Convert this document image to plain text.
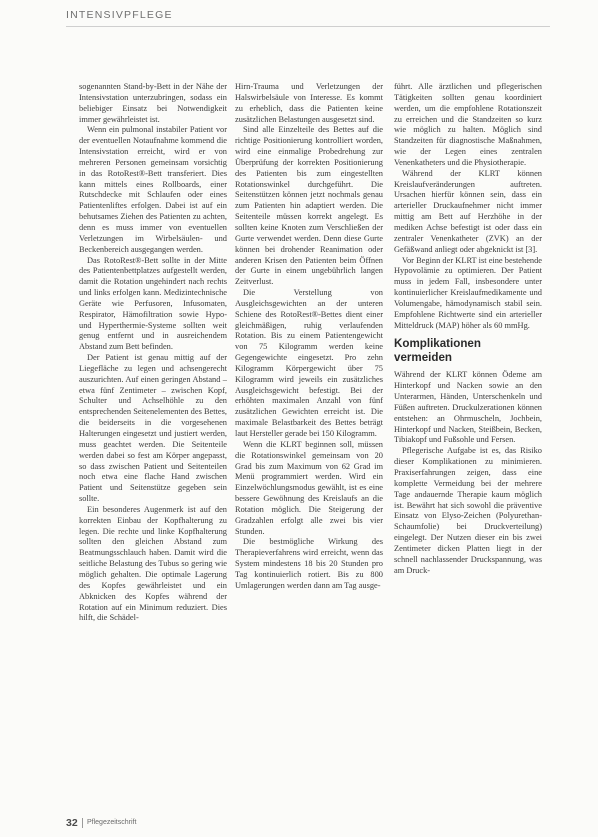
INTENSIVPFLEGE

sogenannten Stand-by-Bett in der Nähe der Intensivstation unterzubringen, sodass ein beliebiger Einsatz bei Notwendigkeit immer gewährleistet ist.

Wenn ein pulmonal instabiler Patient vor der eventuellen Notaufnahme kommend die Intensivstation erreicht, wird er von mehreren Personen gemeinsam vorsichtig in das RotoRest®-Bett transferiert. Dies kann mittels eines Rollboards, einer Rutschdecke mit Schlaufen oder eines Patientenliftes erfolgen. Dabei ist auf ein behutsames Ziehen des Patienten zu achten, denn es muss immer von eventuellen Verletzungen im Wirbelsäulen- und Beckenbereich ausgegangen werden.

Das RotoRest®-Bett sollte in der Mitte des Patientenbettplatzes aufgestellt werden, damit die Rotation ungehindert nach rechts und links erfolgen kann. Medizintechnische Geräte wie Perfusoren, Infusomaten, Respirator, Hämofiltration sowie Hypo- und Hyperthermie-Systeme sollten weit genug entfernt und in ausreichendem Abstand zum Bett befinden.

Der Patient ist genau mittig auf der Liegefläche zu legen und achsengerecht auszurichten. Auf einen geringen Abstand – etwa fünf Zentimeter – zwischen Kopf, Schulter und Achselhöhle zu den entsprechenden Seitenelementen des Bettes, die beiderseits in die vorgesehenen Halterungen eingesetzt und justiert werden, muss geachtet werden. Die Seitenteile werden dabei so fest am Körper angepasst, so dass zwischen Patient und Seitenteilen noch etwa eine flache Hand zwischen Patient und Seitenstütze gegeben sein sollte.

Ein besonderes Augenmerk ist auf den korrekten Einbau der Kopfhalterung zu legen. Die rechte und linke Kopfhalterung sollten den gleichen Abstand zum Beatmungsschlauch haben. Damit wird die seitliche Belastung des Tubus so gering wie möglich gehalten. Die optimale Lagerung des Kopfes gewährleistet und ein Abknicken des Kopfes während der Rotation auf ein Minimum reduziert. Dies hilft, die Schädel-

Hirn-Trauma und Verletzungen der Halswirbelsäule von Interesse. Es kommt zu erheblich, dass die Patienten keine zusätzlichen Belastungen ausgesetzt sind.

Sind alle Einzelteile des Bettes auf die richtige Positionierung kontrolliert worden, wird eine einmalige Probedrehung zur Überprüfung der korrekten Positionierung des Patienten bis zum eingestellten Rotationswinkel durchgeführt. Die Seitenstützen können jetzt nochmals genau zum Patienten hin adaptiert werden. Die Seitenteile müssen korrekt angelegt. Es sollten keine Knoten zum Verschließen der Gurte verwendet werden. Denn diese Gurte können bei drohender Reanimation oder anderen Krisen den Patienten beim Öffnen der Gurte in einem ungebührlich langen Zeitverlust.

Die Verstellung von Ausgleichsgewichten an der unteren Schiene des RotoRest®-Bettes dient einer gleichmäßigen, ruhig verlaufenden Rotation. Bis zu einem Patientengewicht von 75 Kilogramm werden keine Gegengewichte eingesetzt. Pro zehn Kilogramm Körpergewicht über 75 Kilogramm wird jeweils ein zusätzliches Ausgleichsgewicht befestigt. Bei der erhöhten maximalen Anzahl von fünf zusätzlichen Gewichten erreicht ist. Die maximale Belastbarkeit des Bettes beträgt laut Hersteller gerade bei 150 Kilogramm.

Wenn die KLRT beginnen soll, müssen die Rotationswinkel gemeinsam von 20 Grad bis zum Maximum von 62 Grad im Menü programmiert werden. Wird ein Einzelwöchlungsmodus gewählt, ist es eine bessere Gewöhnung des Kreislaufs an die Rotation möglich. Die Steigerung der Gradzahlen erfolgt alle zwei bis vier Stunden.

Die bestmögliche Wirkung des Therapieverfahrens wird erreicht, wenn das System mindestens 18 bis 20 Stunden pro Tag kontinuierlich rotiert. Bis zu 800 Umlagerungen werden dann am Tag ausge-

führt. Alle ärztlichen und pflegerischen Tätigkeiten sollten genau koordiniert werden, um die empfohlene Rotationszeit zu erreichen und die Standzeiten so kurz wie möglich zu halten. Möglich sind Standzeiten für diagnostische Maßnahmen, wie der Legen eines zentralen Venenkatheters und die Physiotherapie.

Während der KLRT können Kreislaufveränderungen auftreten. Ursachen hierfür können sein, dass ein arterieller Druckaufnehmer nicht immer mittig am Bett auf Herzhöhe in der mediken Achse befestigt ist oder dass ein zentraler Venenkatheter (ZVK) an der Gefäßwand anliegt oder abgeknickt ist [3].

Vor Beginn der KLRT ist eine bestehende Hypovolämie zu optimieren. Der Patient muss in jedem Fall, insbesondere unter kontinuierlicher Kreislaufmedikamente und Volumengabe, hämodynamisch stabil sein. Empfohlene Richtwerte sind ein arterieller Mitteldruck (MAP) höher als 60 mmHg.

Komplikationen vermeiden

Während der KLRT können Ödeme am Hinterkopf und Nacken sowie an den Unterarmen, Händen, Unterschenkeln und Füßen auftreten. Druckulzerationen können entstehen: an Ohrmuscheln, Jochbein, Hinterkopf und Nacken, Steißbein, Becken, Tibiakopf und Fußsohle und Fersen.

Pflegerische Aufgabe ist es, das Risiko dieser Komplikationen zu minimieren. Praxiserfahrungen zeigen, dass eine komplette Vermeidung bei der mehrere Tage andauernde Therapie kaum möglich ist. Bewährt hat sich sowohl die präventive Einsatz von Elyso-Zeichen (Polyurethan-Schaumfolie) bei Druckverteilung) eingelegt. Der Nutzen dieser ein bis zwei Zentimeter dicken Platten liegt in der schnell nachlassender Druckspannung, was am Druck-

32 Pflegezeitschrift
